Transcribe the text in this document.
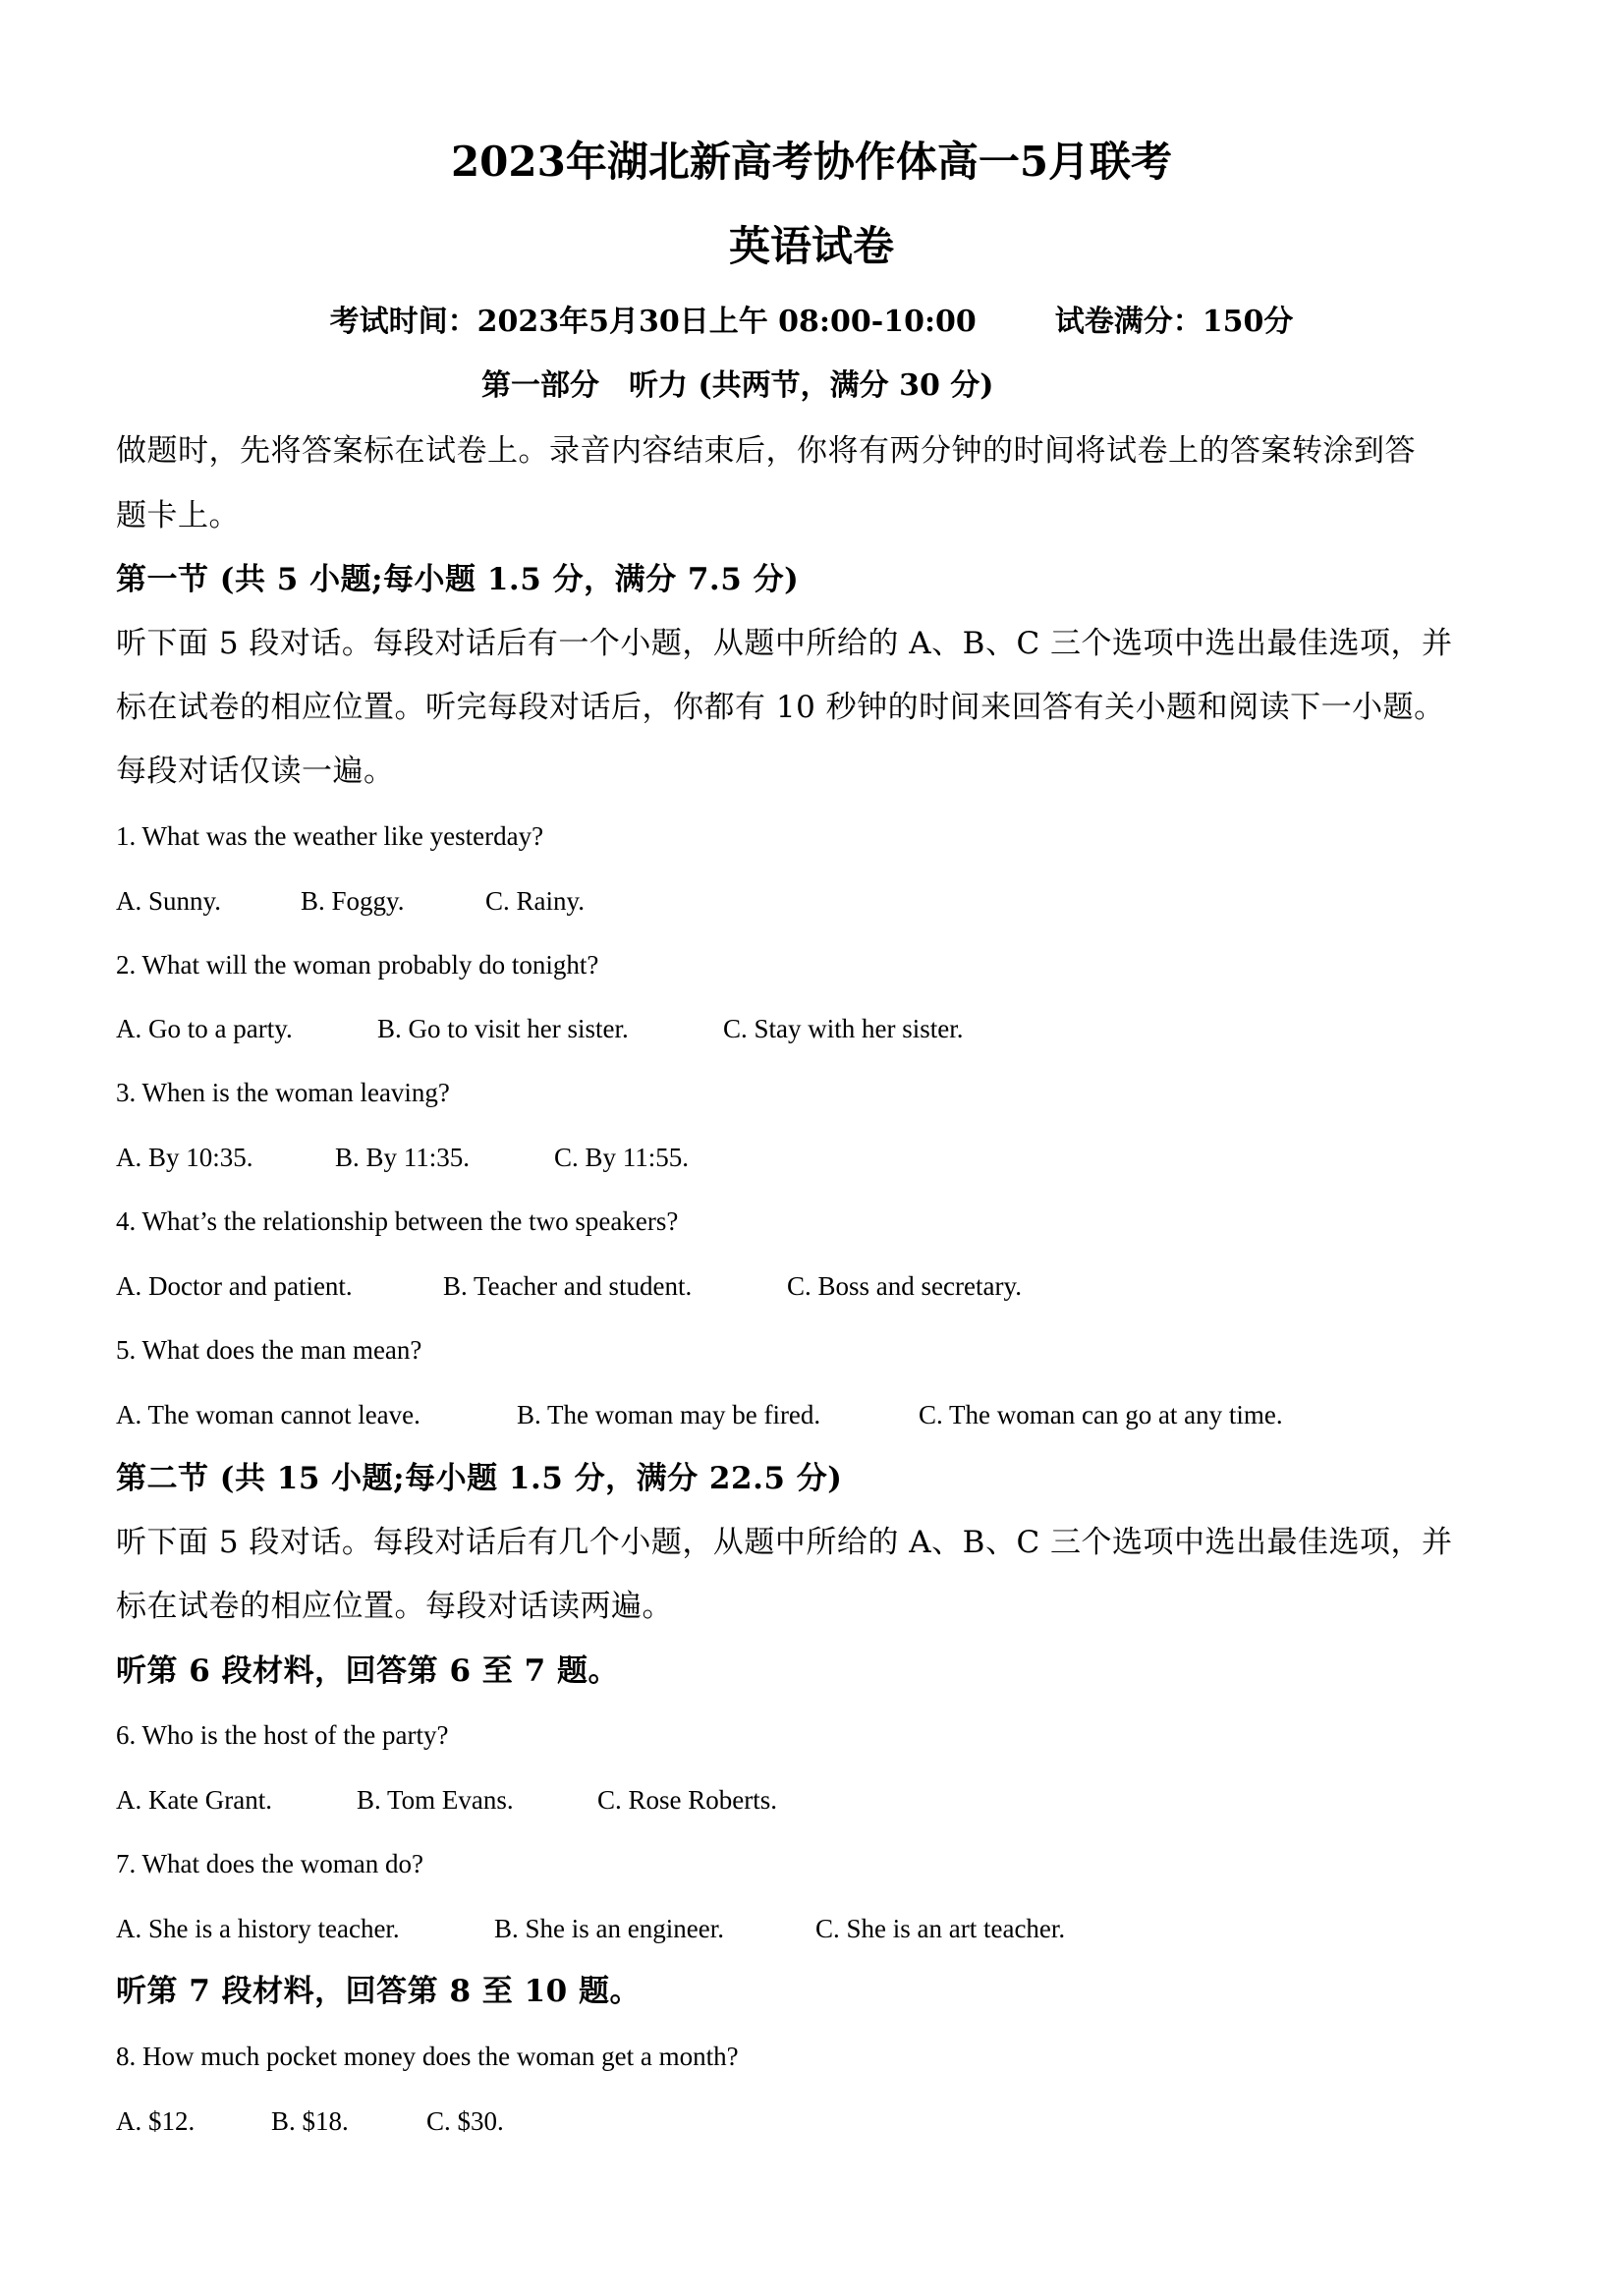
2023年湖北新高考协作体高一5月联考
英语试卷
考试时间：2023年5月30日上午 08:00-10:00	试卷满分：150分
第一部分　听力 (共两节，满分 30 分)
做题时，先将答案标在试卷上。录音内容结束后，你将有两分钟的时间将试卷上的答案转涂到答
题卡上。
第一节 (共 5 小题;每小题 1.5 分，满分 7.5 分)
听下面 5 段对话。每段对话后有一个小题，从题中所给的 A、B、C 三个选项中选出最佳选项，并
标在试卷的相应位置。听完每段对话后，你都有 10 秒钟的时间来回答有关小题和阅读下一小题。
每段对话仅读一遍。
1. What was the weather like yesterday?
A. Sunny.	B. Foggy.	C. Rainy.
2. What will the woman probably do tonight?
A. Go to a party.	B. Go to visit her sister.	C. Stay with her sister.
3. When is the woman leaving?
A. By 10:35.	B. By 11:35.	C. By 11:55.
4. What’s the relationship between the two speakers?
A. Doctor and patient.	B. Teacher and student.	C. Boss and secretary.
5. What does the man mean?
A. The woman cannot leave.	B. The woman may be fired.	C. The woman can go at any time.
第二节 (共 15 小题;每小题 1.5 分，满分 22.5 分)
听下面 5 段对话。每段对话后有几个小题，从题中所给的 A、B、C 三个选项中选出最佳选项，并
标在试卷的相应位置。每段对话读两遍。
听第 6 段材料，回答第 6 至 7 题。
6. Who is the host of the party?
A. Kate Grant.	B. Tom Evans.	C. Rose Roberts.
7. What does the woman do?
A. She is a history teacher.	B. She is an engineer.	C. She is an art teacher.
听第 7 段材料，回答第 8 至 10 题。
8. How much pocket money does the woman get a month?
A. $12.	B. $18.	C. $30.
